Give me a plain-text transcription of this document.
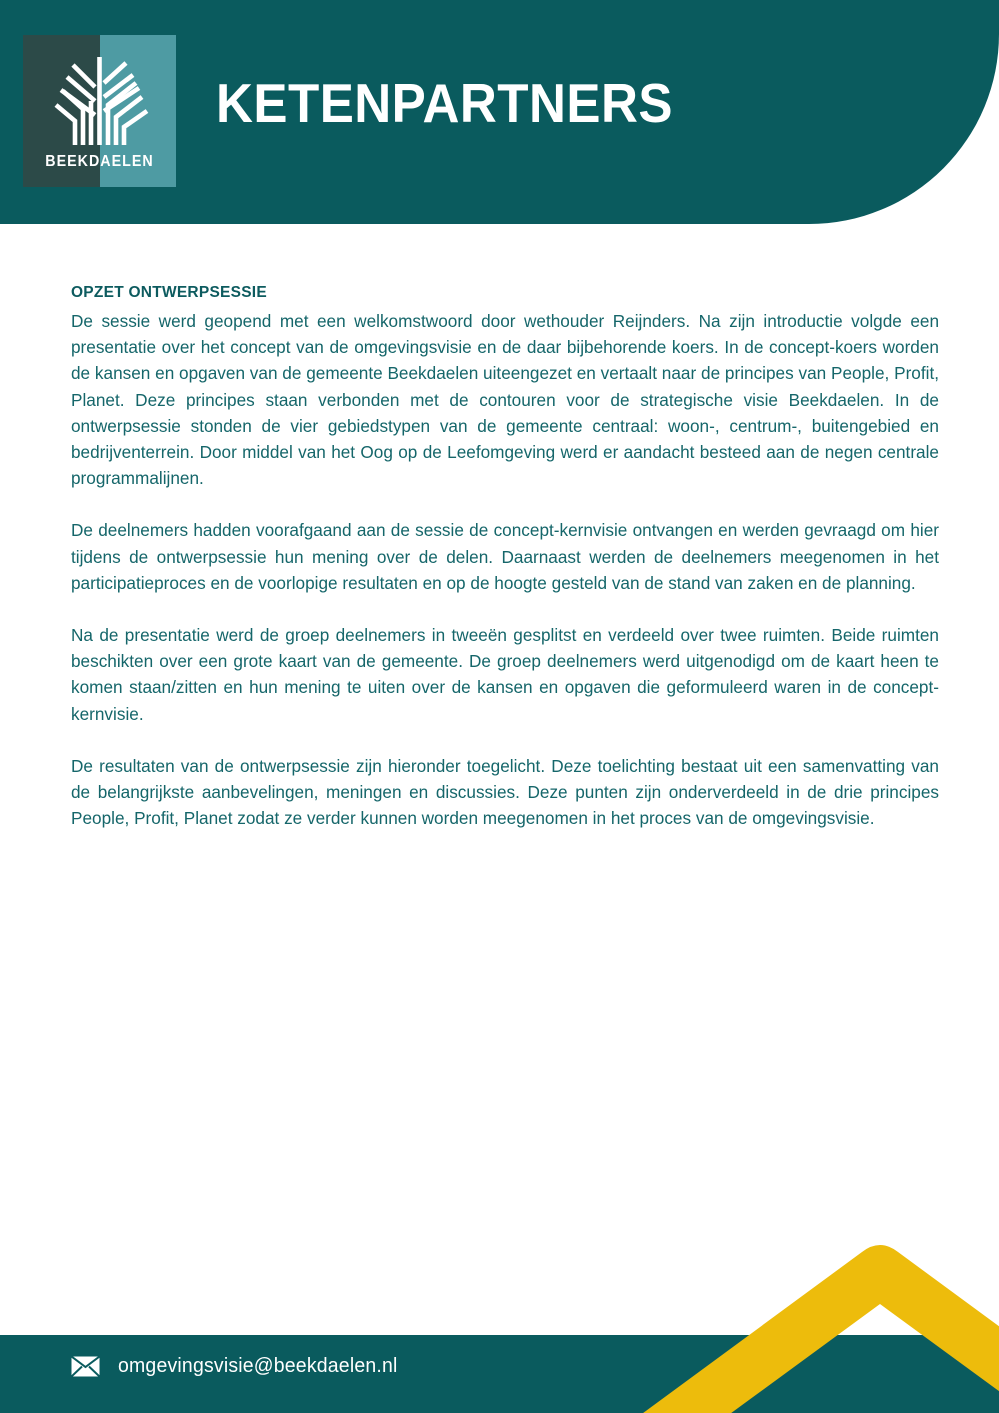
BEEKDAELEN
KETENPARTNERS
OPZET ONTWERPSESSIE

De sessie werd geopend met een welkomstwoord door wethouder Reijnders. Na zijn introductie volgde een presentatie over het concept van de omgevingsvisie en de daar bijbehorende koers. In de concept-koers worden de kansen en opgaven van de gemeente Beekdaelen uiteengezet en vertaalt naar de principes van People, Profit, Planet. Deze principes staan verbonden met de contouren voor de strategische visie Beekdaelen. In de ontwerpsessie stonden de vier gebiedstypen van de gemeente centraal: woon-, centrum-, buitengebied en bedrijventerrein. Door middel van het Oog op de Leefomgeving werd er aandacht besteed aan de negen centrale programmalijnen.

De deelnemers hadden voorafgaand aan de sessie de concept-kernvisie ontvangen en werden gevraagd om hier tijdens de ontwerpsessie hun mening over de delen. Daarnaast werden de deelnemers meegenomen in het participatieproces en de voorlopige resultaten en op de hoogte gesteld van de stand van zaken en de planning.

Na de presentatie werd de groep deelnemers in tweeën gesplitst en verdeeld over twee ruimten. Beide ruimten beschikten over een grote kaart van de gemeente. De groep deelnemers werd uitgenodigd om de kaart heen te komen staan/zitten en hun mening te uiten over de kansen en opgaven die geformuleerd waren in de concept-kernvisie.

De resultaten van de ontwerpsessie zijn hieronder toegelicht. Deze toelichting bestaat uit een samenvatting van de belangrijkste aanbevelingen, meningen en discussies. Deze punten zijn onderverdeeld in de drie principes People, Profit, Planet zodat ze verder kunnen worden meegenomen in het proces van de omgevingsvisie.

omgevingsvisie@beekdaelen.nl
